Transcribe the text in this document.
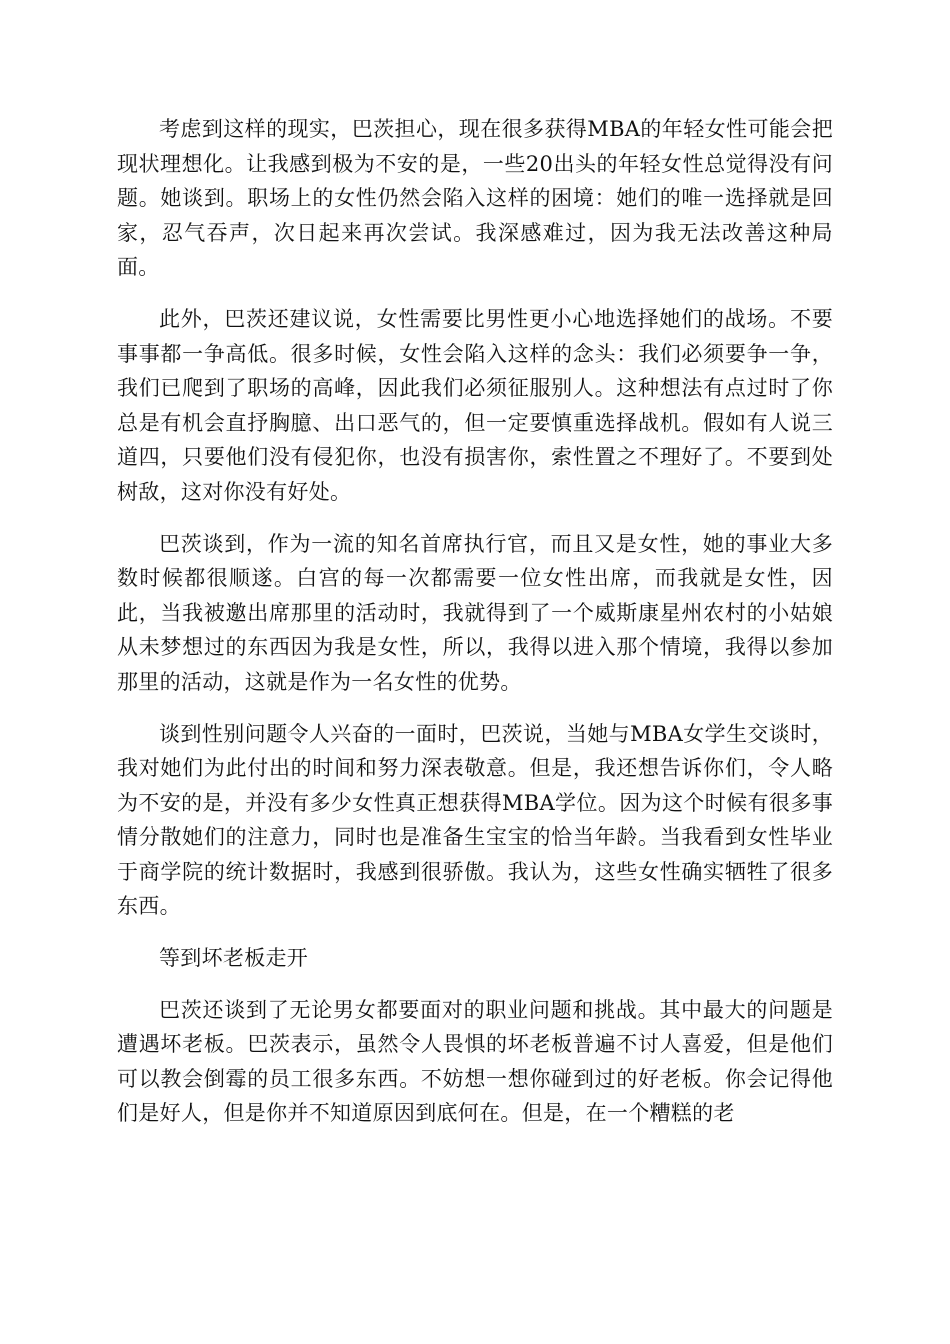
考虑到这样的现实，巴茨担心，现在很多获得MBA的年轻女性可能会把现状理想化。让我感到极为不安的是，一些20出头的年轻女性总觉得没有问题。她谈到。职场上的女性仍然会陷入这样的困境：她们的唯一选择就是回家，忍气吞声，次日起来再次尝试。我深感难过，因为我无法改善这种局面。

此外，巴茨还建议说，女性需要比男性更小心地选择她们的战场。不要事事都一争高低。很多时候，女性会陷入这样的念头：我们必须要争一争，我们已爬到了职场的高峰，因此我们必须征服别人。这种想法有点过时了你总是有机会直抒胸臆、出口恶气的，但一定要慎重选择战机。假如有人说三道四，只要他们没有侵犯你，也没有损害你，索性置之不理好了。不要到处树敌，这对你没有好处。

巴茨谈到，作为一流的知名首席执行官，而且又是女性，她的事业大多数时候都很顺遂。白宫的每一次都需要一位女性出席，而我就是女性，因此，当我被邀出席那里的活动时，我就得到了一个威斯康星州农村的小姑娘从未梦想过的东西因为我是女性，所以，我得以进入那个情境，我得以参加那里的活动，这就是作为一名女性的优势。

谈到性别问题令人兴奋的一面时，巴茨说，当她与MBA女学生交谈时，我对她们为此付出的时间和努力深表敬意。但是，我还想告诉你们，令人略为不安的是，并没有多少女性真正想获得MBA学位。因为这个时候有很多事情分散她们的注意力，同时也是准备生宝宝的恰当年龄。当我看到女性毕业于商学院的统计数据时，我感到很骄傲。我认为，这些女性确实牺牲了很多东西。

等到坏老板走开

巴茨还谈到了无论男女都要面对的职业问题和挑战。其中最大的问题是遭遇坏老板。巴茨表示，虽然令人畏惧的坏老板普遍不讨人喜爱，但是他们可以教会倒霉的员工很多东西。不妨想一想你碰到过的好老板。你会记得他们是好人，但是你并不知道原因到底何在。但是，在一个糟糕的老
